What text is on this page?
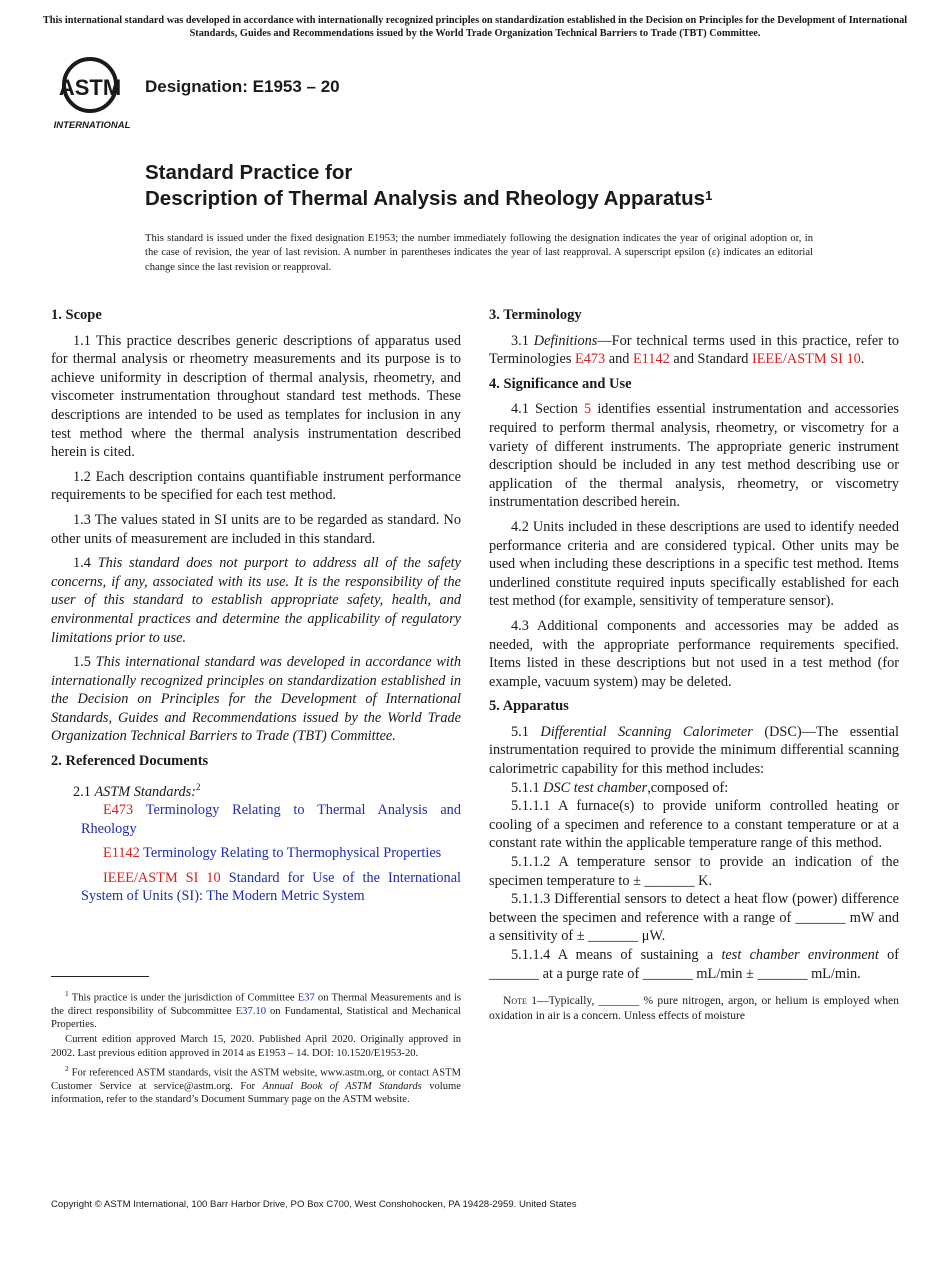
This international standard was developed in accordance with internationally recognized principles on standardization established in the Decision on Principles for the Development of International Standards, Guides and Recommendations issued by the World Trade Organization Technical Barriers to Trade (TBT) Committee.
ASTM
INTERNATIONAL
Designation: E1953 – 20
Standard Practice for
Description of Thermal Analysis and Rheology Apparatus$^1$
This standard is issued under the fixed designation E1953; the number immediately following the designation indicates the year of original adoption or, in the case of revision, the year of last revision. A number in parentheses indicates the year of last reapproval. A superscript epsilon (ε) indicates an editorial change since the last revision or reapproval.
1. Scope

1.1 This practice describes generic descriptions of apparatus used for thermal analysis or rheometry measurements and its purpose is to achieve uniformity in description of thermal analysis, rheometry, and viscometer instrumentation throughout standard test methods. These descriptions are intended to be used as templates for inclusion in any test method where the thermal analysis instrumentation described herein is cited.

1.2 Each description contains quantifiable instrument performance requirements to be specified for each test method.

1.3 The values stated in SI units are to be regarded as standard. No other units of measurement are included in this standard.

1.4 This standard does not purport to address all of the safety concerns, if any, associated with its use. It is the responsibility of the user of this standard to establish appropriate safety, health, and environmental practices and determine the applicability of regulatory limitations prior to use.

1.5 This international standard was developed in accordance with internationally recognized principles on standardization established in the Decision on Principles for the Development of International Standards, Guides and Recommendations issued by the World Trade Organization Technical Barriers to Trade (TBT) Committee.

2. Referenced Documents

2.1 ASTM Standards:$^2$

E473 Terminology Relating to Thermal Analysis and Rheology

E1142 Terminology Relating to Thermophysical Properties

IEEE/ASTM SI 10 Standard for Use of the International System of Units (SI): The Modern Metric System

$^1$ This practice is under the jurisdiction of Committee E37 on Thermal Measurements and is the direct responsibility of Subcommittee E37.10 on Fundamental, Statistical and Mechanical Properties.

Current edition approved March 15, 2020. Published April 2020. Originally approved in 2002. Last previous edition approved in 2014 as E1953 – 14. DOI: 10.1520/E1953-20.

$^2$ For referenced ASTM standards, visit the ASTM website, www.astm.org, or contact ASTM Customer Service at service@astm.org. For Annual Book of ASTM Standards volume information, refer to the standard’s Document Summary page on the ASTM website.

3. Terminology

3.1 Definitions—For technical terms used in this practice, refer to Terminologies E473 and E1142 and Standard IEEE/ASTM SI 10.

4. Significance and Use

4.1 Section 5 identifies essential instrumentation and accessories required to perform thermal analysis, rheometry, or viscometry for a variety of different instruments. The appropriate generic instrument description should be included in any test method describing use or application of the thermal analysis, rheometry, or viscometry instrumentation described herein.

4.2 Units included in these descriptions are used to identify needed performance criteria and are considered typical. Other units may be used when including these descriptions in a specific test method. Items underlined constitute required inputs specifically established for each test method (for example, sensitivity of temperature sensor).

4.3 Additional components and accessories may be added as needed, with the appropriate performance requirements specified. Items listed in these descriptions but not used in a test method (for example, vacuum system) may be deleted.

5. Apparatus

5.1 Differential Scanning Calorimeter (DSC)—The essential instrumentation required to provide the minimum differential scanning calorimetric capability for this method includes:

5.1.1 DSC test chamber,composed of:

5.1.1.1 A furnace(s) to provide uniform controlled heating or cooling of a specimen and reference to a constant temperature or at a constant rate within the applicable temperature range of this method.

5.1.1.2 A temperature sensor to provide an indication of the specimen temperature to ± _______ K.

5.1.1.3 Differential sensors to detect a heat flow (power) difference between the specimen and reference with a range of _______ mW and a sensitivity of ± _______ μW.

5.1.1.4 A means of sustaining a test chamber environment of _______ at a purge rate of _______ mL/min ± _______ mL/min.

Note 1—Typically, _______ % pure nitrogen, argon, or helium is employed when oxidation in air is a concern. Unless effects of moisture
Copyright © ASTM International, 100 Barr Harbor Drive, PO Box C700, West Conshohocken, PA 19428-2959. United States
